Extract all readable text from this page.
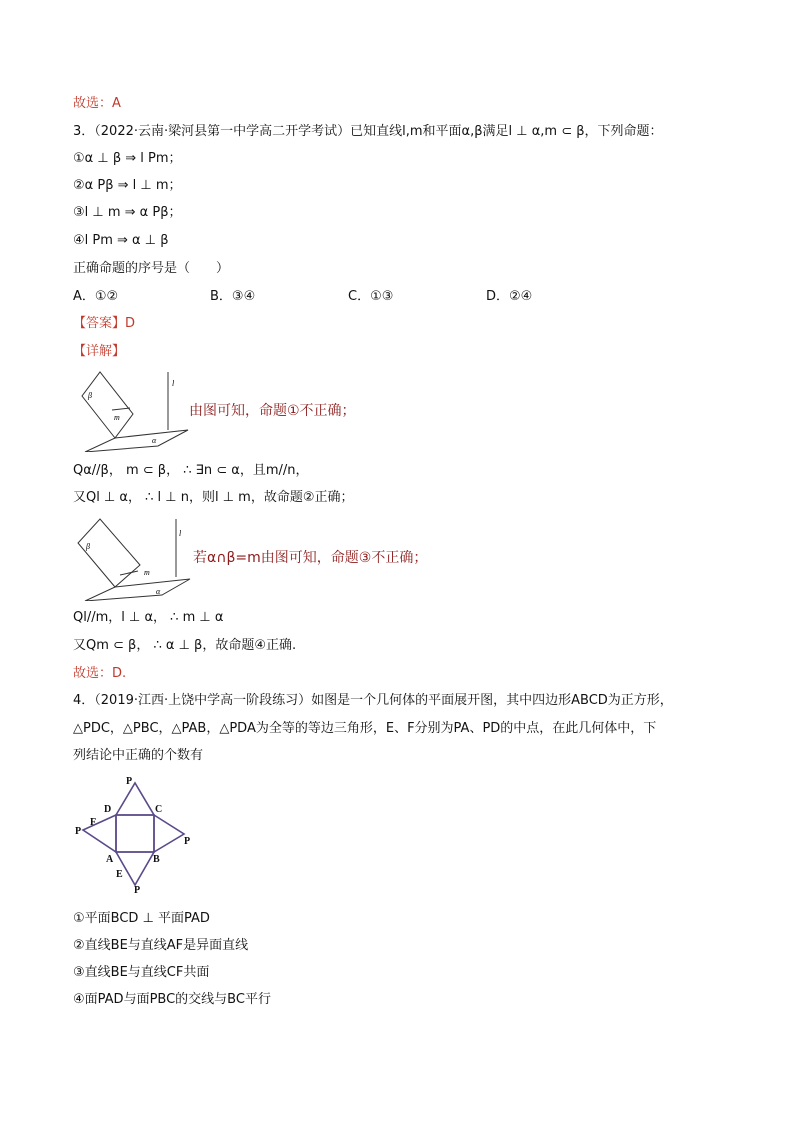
故选：A
3．（2022·云南·梁河县第一中学高二开学考试）已知直线l,m和平面α,β满足l ⊥ α,m ⊂ β，下列命题：
①α ⊥ β ⇒ l Pm；
②α Pβ ⇒ l ⊥ m；
③l ⊥ m ⇒ α Pβ；
④l Pm ⇒ α ⊥ β
正确命题的序号是（　　）
A．①②	B．③④	C．①③	D．②④
【答案】D
【详解】
l
β
m
α
由图可知，命题①不正确；
Qα//β， m ⊂ β， ∴ ∃n ⊂ α，且m//n，
又Ql ⊥ α， ∴ l ⊥ n，则l ⊥ m，故命题②正确；
l
β
m
α
若α∩β=m由图可知，命题③不正确；
Ql//m，l ⊥ α， ∴ m ⊥ α
又Qm ⊂ β， ∴ α ⊥ β，故命题④正确.
故选：D.
4．（2019·江西·上饶中学高一阶段练习）如图是一个几何体的平面展开图，其中四边形ABCD为正方形，
△PDC，△PBC，△PAB，△PDA为全等的等边三角形，E、F分别为PA、PD的中点，在此几何体中，下
列结论中正确的个数有
P
D	C
F
P
P
A	B
E
P
①平面BCD ⊥ 平面PAD
②直线BE与直线AF是异面直线
③直线BE与直线CF共面
④面PAD与面PBC的交线与BC平行
